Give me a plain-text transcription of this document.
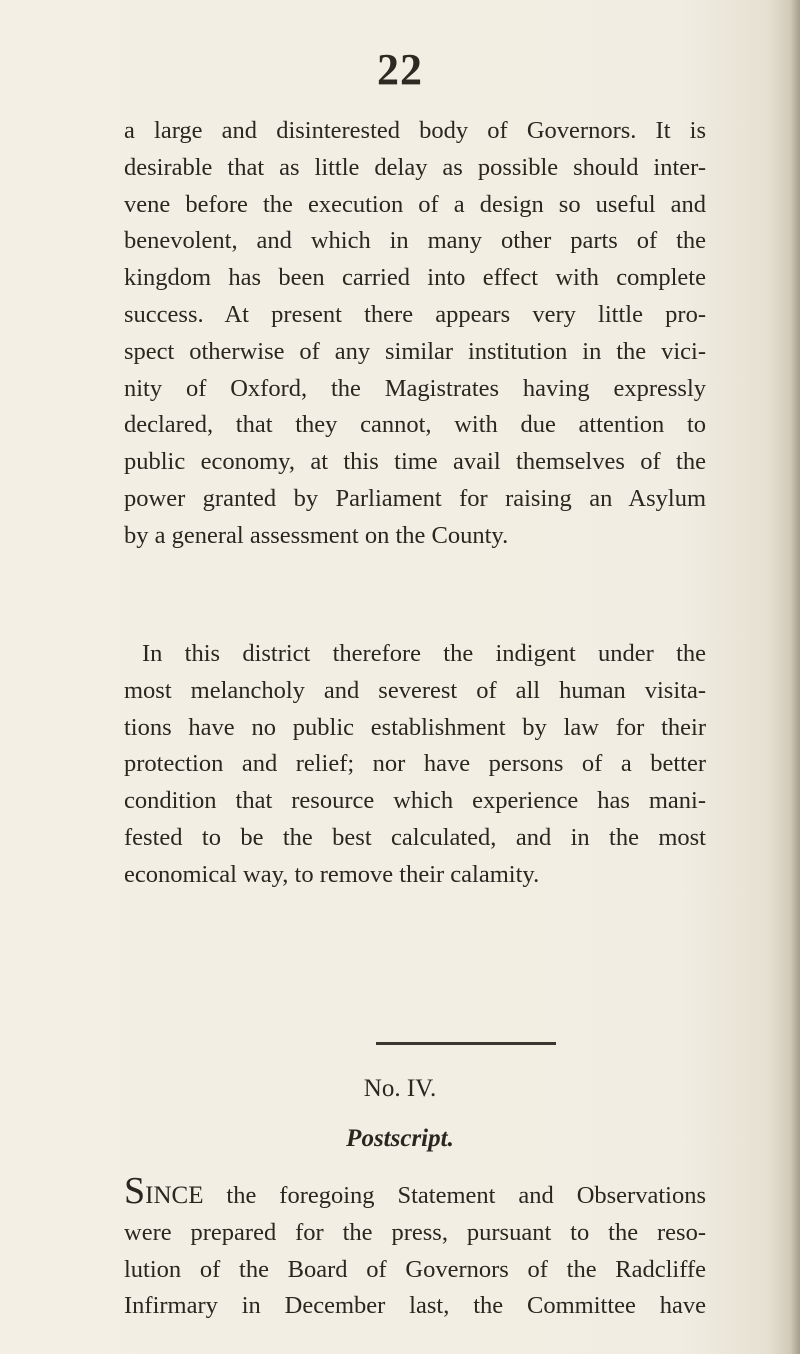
22
a large and disinterested body of Governors. It is
desirable that as little delay as possible should inter-
vene before the execution of a design so useful and
benevolent, and which in many other parts of the
kingdom has been carried into effect with complete
success. At present there appears very little pro-
spect otherwise of any similar institution in the vici-
nity of Oxford, the Magistrates having expressly
declared, that they cannot, with due attention to
public economy, at this time avail themselves of the
power granted by Parliament for raising an Asylum
by a general assessment on the County.
In this district therefore the indigent under the
most melancholy and severest of all human visita-
tions have no public establishment by law for their
protection and relief; nor have persons of a better
condition that resource which experience has mani-
fested to be the best calculated, and in the most
economical way, to remove their calamity.
No. IV.
Postscript.
SINCE the foregoing Statement and Observations
were prepared for the press, pursuant to the reso-
lution of the Board of Governors of the Radcliffe
Infirmary in December last, the Committee have
